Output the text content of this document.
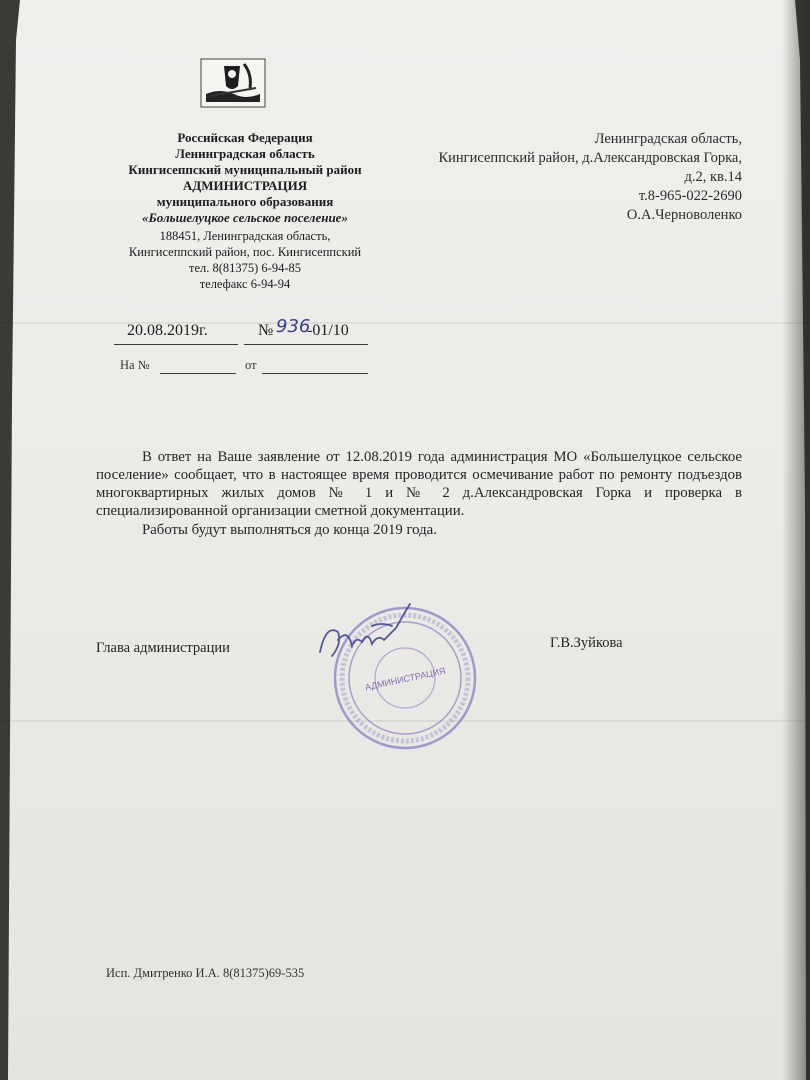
Российская Федерация
Ленинградская область
Кингисеппский муниципальный район
АДМИНИСТРАЦИЯ
муниципального образования
«Большелуцкое сельское поселение»
188451, Ленинградская область,
Кингисеппский район, пос. Кингисеппский
тел. 8(81375) 6-94-85
телефакс 6-94-94
Ленинградская область,
Кингисеппский район, д.Александровская Горка,
д.2, кв.14
т.8-965-022-2690
О.А.Черноволенко
20.08.2019г.	№ 936
-01/10
На №	от

В ответ на Ваше заявление от 12.08.2019 года администрация МО «Большелуцкое сельское поселение» сообщает, что в настоящее время проводится осмечивание работ по ремонту подъездов многоквартирных жилых домов № 1 и № 2 д.Александровская Горка и проверка в специализированной организации сметной документации.

Работы будут выполняться до конца 2019 года.

Глава администрации	Г.В.Зуйкова
АДМИНИСТРАЦИЯ
Исп. Дмитренко И.А. 8(81375)69-535
